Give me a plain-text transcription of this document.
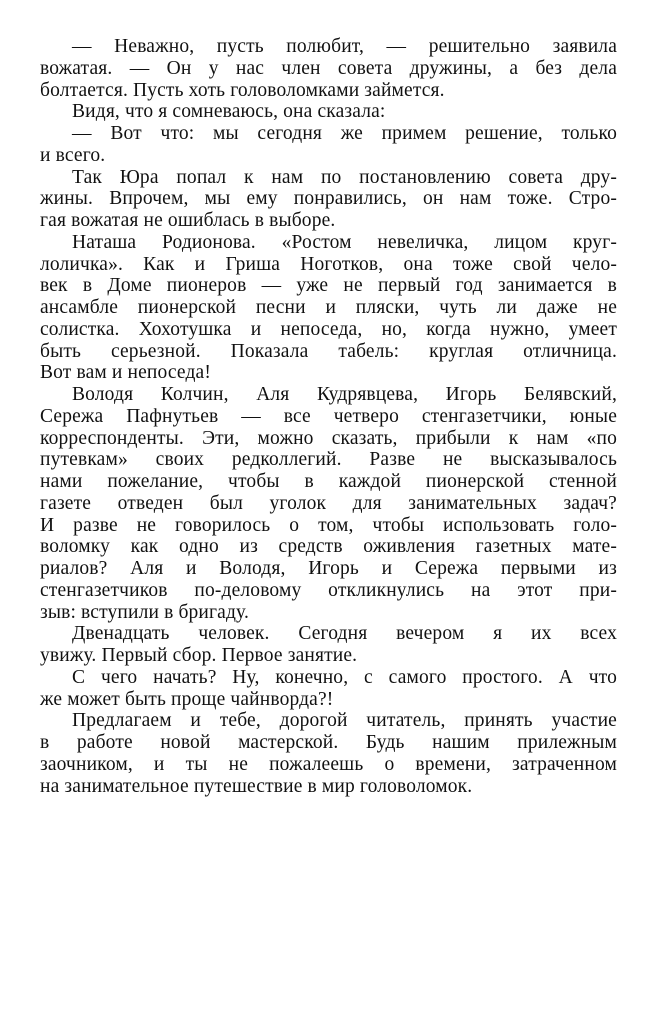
— Неважно, пусть полюбит, — решительно заявила
вожатая. — Он у нас член совета дружины, а без дела
болтается. Пусть хоть головоломками займется.
Видя, что я сомневаюсь, она сказала:
— Вот что: мы сегодня же примем решение, только
и всего.
Так Юра попал к нам по постановлению совета дру-
жины. Впрочем, мы ему понравились, он нам тоже. Стро-
гая вожатая не ошиблась в выборе.
Наташа Родионова. «Ростом невеличка, лицом круг-
лоличка». Как и Гриша Ноготков, она тоже свой чело-
век в Доме пионеров — уже не первый год занимается в
ансамбле пионерской песни и пляски, чуть ли даже не
солистка. Хохотушка и непоседа, но, когда нужно, умеет
быть серьезной. Показала табель: круглая отличница.
Вот вам и непоседа!
Володя Колчин, Аля Кудрявцева, Игорь Белявский,
Сережа Пафнутьев — все четверо стенгазетчики, юные
корреспонденты. Эти, можно сказать, прибыли к нам «по
путевкам» своих редколлегий. Разве не высказывалось
нами пожелание, чтобы в каждой пионерской стенной
газете отведен был уголок для занимательных задач?
И разве не говорилось о том, чтобы использовать голо-
воломку как одно из средств оживления газетных мате-
риалов? Аля и Володя, Игорь и Сережа первыми из
стенгазетчиков по-деловому откликнулись на этот при-
зыв: вступили в бригаду.
Двенадцать человек. Сегодня вечером я их всех
увижу. Первый сбор. Первое занятие.
С чего начать? Ну, конечно, с самого простого. А что
же может быть проще чайнворда?!
Предлагаем и тебе, дорогой читатель, принять участие
в работе новой мастерской. Будь нашим прилежным
заочником, и ты не пожалеешь о времени, затраченном
на занимательное путешествие в мир головоломок.
